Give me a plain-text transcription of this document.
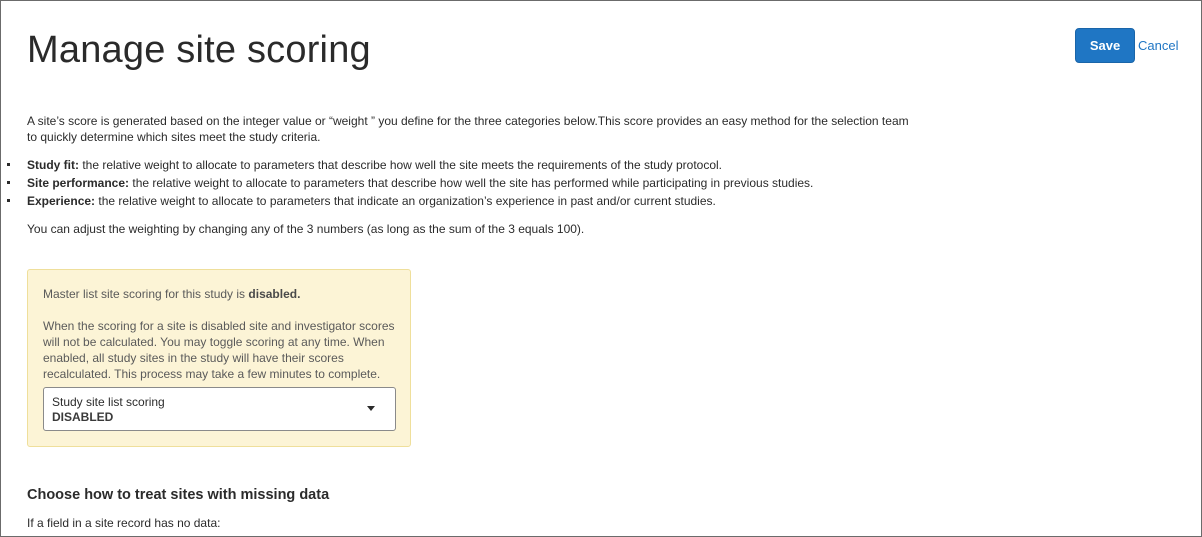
Manage site scoring	Save	Cancel

A site’s score is generated based on the integer value or “weight ” you define for the three categories below.This score provides an easy method for the selection team to quickly determine which sites meet the study criteria.

Study fit: the relative weight to allocate to parameters that describe how well the site meets the requirements of the study protocol.
Site performance: the relative weight to allocate to parameters that describe how well the site has performed while participating in previous studies.
Experience: the relative weight to allocate to parameters that indicate an organization’s experience in past and/or current studies.

You can adjust the weighting by changing any of the 3 numbers (as long as the sum of the 3 equals 100).

Master list site scoring for this study is disabled.

When the scoring for a site is disabled site and investigator scores will not be calculated. You may toggle scoring at any time. When enabled, all study sites in the study will have their scores recalculated. This process may take a few minutes to complete.

Study site list scoring
DISABLED
Choose how to treat sites with missing data

If a field in a site record has no data:
